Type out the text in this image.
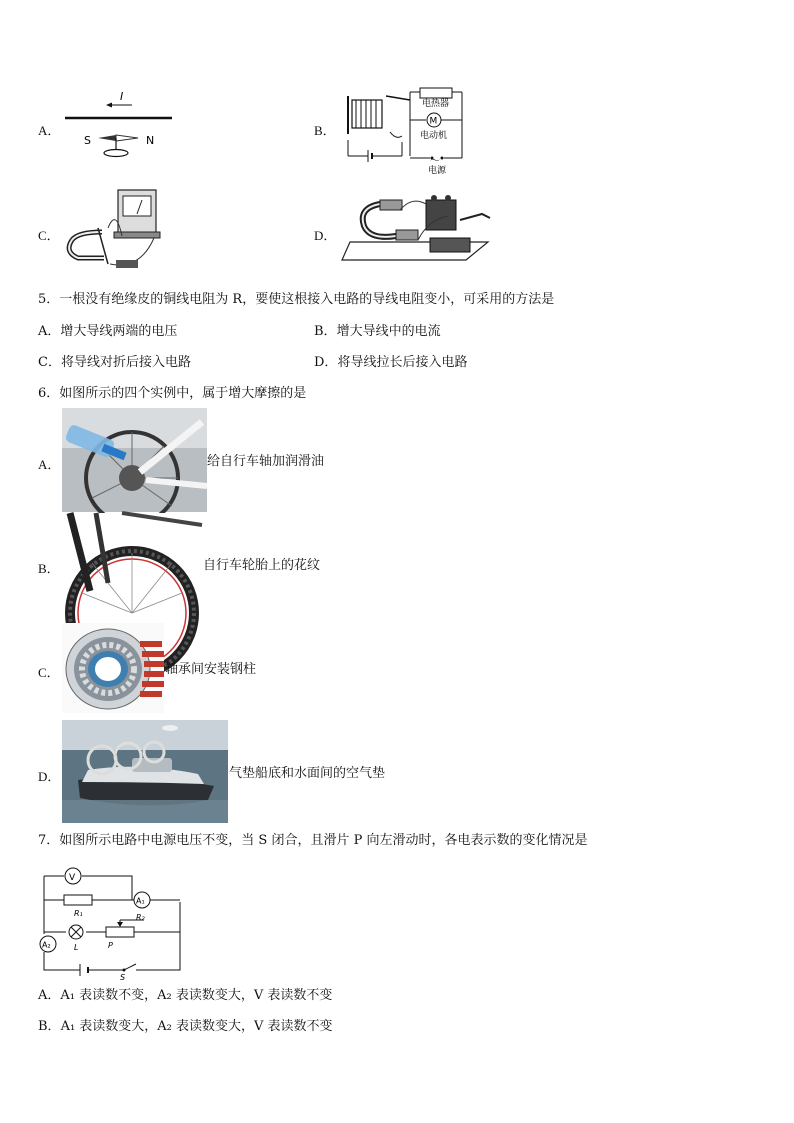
A．
I
S	N
B．
电热器
M
电动机
～
电源
C．	D．
5．一根没有绝缘皮的铜线电阻为 R，要使这根接入电路的导线电阻变小，可采用的方法是
A．增大导线两端的电压	B．增大导线中的电流
C．将导线对折后接入电路	D．将导线拉长后接入电路
6．如图所示的四个实例中，属于增大摩擦的是
A．	给自行车轴加润滑油
B．	自行车轮胎上的花纹
C．	轴承间安装钢柱
D．	气垫船底和水面间的空气垫
7．如图所示电路中电源电压不变，当 S 闭合，且滑片 P 向左滑动时，各电表示数的变化情况是
V
R₁
A₁
A₂	L
R₂
P
S
A．A₁ 表读数不变，A₂ 表读数变大，V 表读数不变
B．A₁ 表读数变大，A₂ 表读数变大，V 表读数不变
